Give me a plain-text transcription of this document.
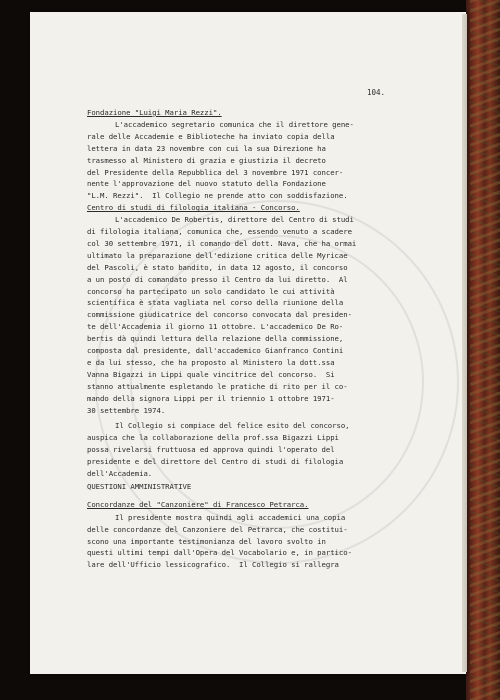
104.
Fondazione "Luigi Maria Rezzi".
L'accademico segretario comunica che il direttore gene-
rale delle Accademie e Biblioteche ha inviato copia della
lettera in data 23 novembre con cui la sua Direzione ha
trasmesso al Ministero di grazia e giustizia il decreto
del Presidente della Repubblica del 3 novembre 1971 concer-
nente l'approvazione del nuovo statuto della Fondazione
"L.M. Rezzi".  Il Collegio ne prende atto con soddisfazione.
Centro di studi di filologia italiana - Concorso.
L'accademico De Robertis, direttore del Centro di studi
di filologia italiana, comunica che, essendo venuto a scadere
col 30 settembre 1971, il comando del dott. Nava, che ha ormai
ultimato la preparazione dell'edizione critica delle Myricae
del Pascoli, è stato bandito, in data 12 agosto, il concorso
a un posto di comandato presso il Centro da lui diretto.  Al
concorso ha partecipato un solo candidato le cui attività
scientifica è stata vagliata nel corso della riunione della
commissione giudicatrice del concorso convocata dal presiden-
te dell'Accademia il giorno 11 ottobre. L'accademico De Ro-
bertis dà quindi lettura della relazione della commissione,
composta dal presidente, dall'accademico Gianfranco Contini
e da lui stesso, che ha proposto al Ministero la dott.ssa
Vanna Bigazzi in Lippi quale vincitrice del concorso.  Si
stanno attualmente espletando le pratiche di rito per il co-
mando della signora Lippi per il triennio 1 ottobre 1971-
30 settembre 1974.
Il Collegio si compiace del felice esito del concorso,
auspica che la collaborazione della prof.ssa Bigazzi Lippi
possa rivelarsi fruttuosa ed approva quindi l'operato del
presidente e del direttore del Centro di studi di filologia
dell'Accademia.
QUESTIONI AMMINISTRATIVE
Concordanze del "Canzoniere" di Francesco Petrarca.
Il presidente mostra quindi agli accademici una copia
delle concordanze del Canzoniere del Petrarca, che costitui-
scono una importante testimonianza del lavoro svolto in
questi ultimi tempi dall'Opera del Vocabolario e, in partico-
lare dell'Ufficio lessicografico.  Il Collegio si rallegra
